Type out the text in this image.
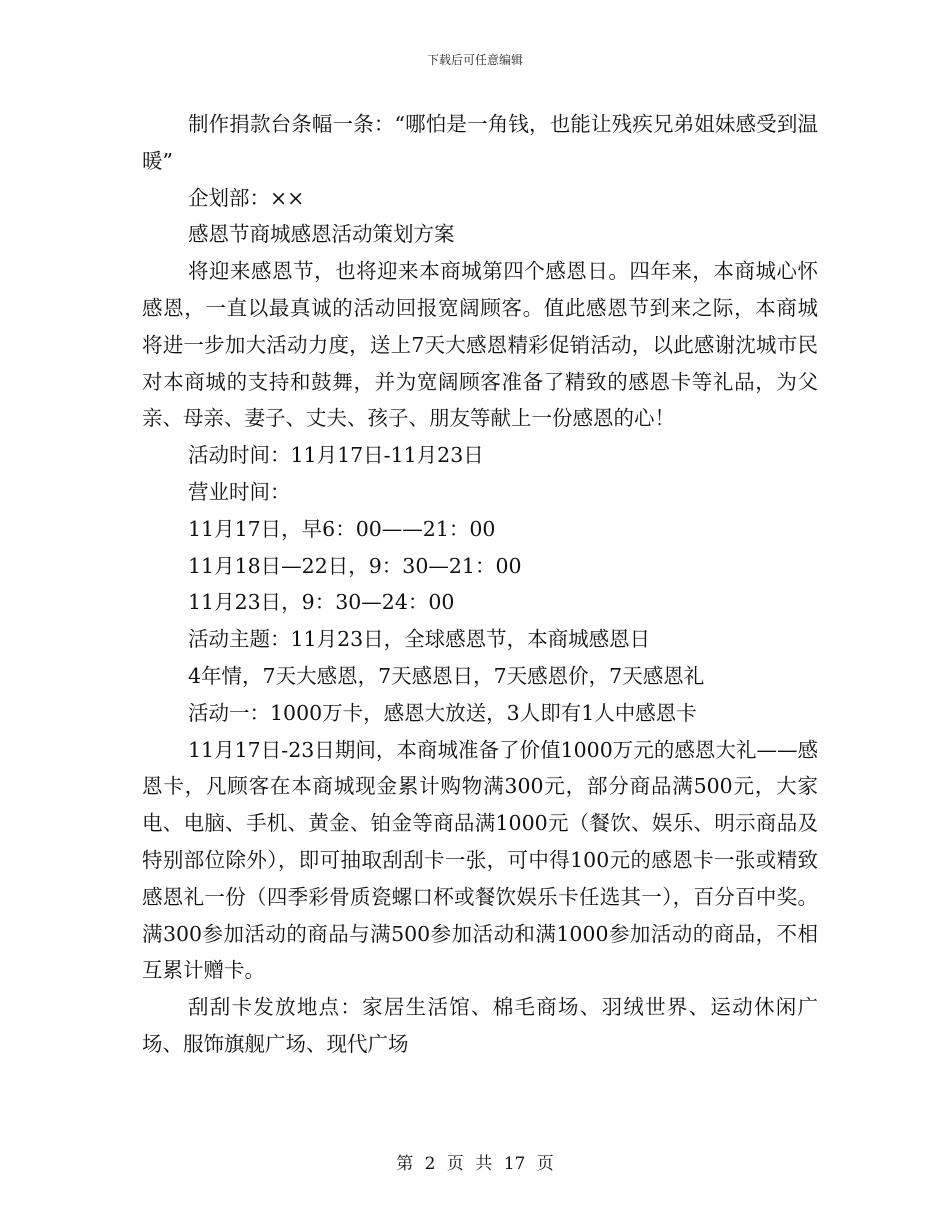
下载后可任意编辑

制作捐款台条幅一条：“哪怕是一角钱，也能让残疾兄弟姐妹感受到温暖”

企划部：××

感恩节商城感恩活动策划方案

将迎来感恩节，也将迎来本商城第四个感恩日。四年来，本商城心怀感恩，一直以最真诚的活动回报宽阔顾客。值此感恩节到来之际，本商城将进一步加大活动力度，送上7天大感恩精彩促销活动，以此感谢沈城市民对本商城的支持和鼓舞，并为宽阔顾客准备了精致的感恩卡等礼品，为父亲、母亲、妻子、丈夫、孩子、朋友等献上一份感恩的心！

活动时间：11月17日-11月23日

营业时间：

11月17日，早6：00——21：00

11月18日—22日，9：30—21：00

11月23日，9：30—24：00

活动主题：11月23日，全球感恩节，本商城感恩日

4年情，7天大感恩，7天感恩日，7天感恩价，7天感恩礼

活动一：1000万卡，感恩大放送，3人即有1人中感恩卡

11月17日-23日期间，本商城准备了价值1000万元的感恩大礼——感恩卡，凡顾客在本商城现金累计购物满300元，部分商品满500元，大家电、电脑、手机、黄金、铂金等商品满1000元（餐饮、娱乐、明示商品及特别部位除外），即可抽取刮刮卡一张，可中得100元的感恩卡一张或精致感恩礼一份（四季彩骨质瓷螺口杯或餐饮娱乐卡任选其一），百分百中奖。满300参加活动的商品与满500参加活动和满1000参加活动的商品，不相互累计赠卡。

刮刮卡发放地点：家居生活馆、棉毛商场、羽绒世界、运动休闲广场、服饰旗舰广场、现代广场

第 2 页 共 17 页
